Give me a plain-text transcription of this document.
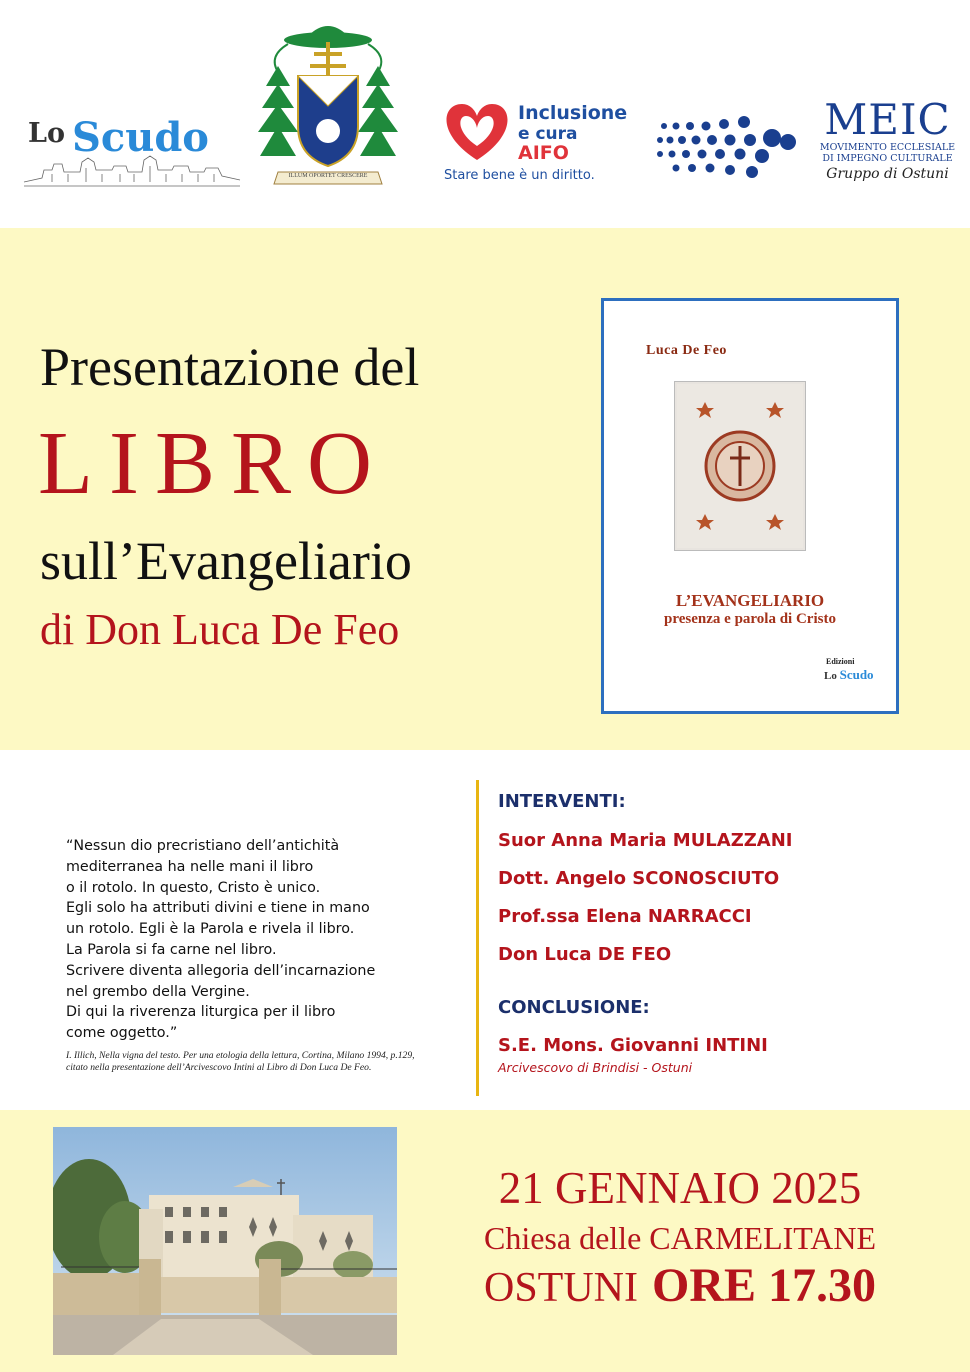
Lo Scudo
ILLUM OPORTET CRESCERE
Inclusione
e cura
AIFO
Stare bene è un diritto.
MEIC
MOVIMENTO ECCLESIALE
DI IMPEGNO CULTURALE
Gruppo di Ostuni
Presentazione del
LIBRO
sull’Evangeliario
di Don Luca De Feo
Luca De Feo
L’EVANGELIARIO
presenza e parola di Cristo
Edizioni
Lo Scudo
“Nessun dio precristiano dell’antichità
mediterranea ha nelle mani il libro
o il rotolo. In questo, Cristo è unico.
Egli solo ha attributi divini e tiene in mano
un rotolo. Egli è la Parola e rivela il libro.
La Parola si fa carne nel libro.
Scrivere diventa allegoria dell’incarnazione
nel grembo della Vergine.
Di qui la riverenza liturgica per il libro
come oggetto.”
I. Illich, Nella vigna del testo. Per una etologia della lettura, Cortina, Milano 1994, p.129,
citato nella presentazione dell’Arcivescovo Intini al Libro di Don Luca De Feo.
INTERVENTI:
Suor Anna Maria MULAZZANI
Dott. Angelo SCONOSCIUTO
Prof.ssa Elena NARRACCI
Don Luca DE FEO
CONCLUSIONE:
S.E. Mons. Giovanni INTINI
Arcivescovo di Brindisi - Ostuni
21 GENNAIO 2025
Chiesa delle CARMELITANE
OSTUNI ORE 17.30
